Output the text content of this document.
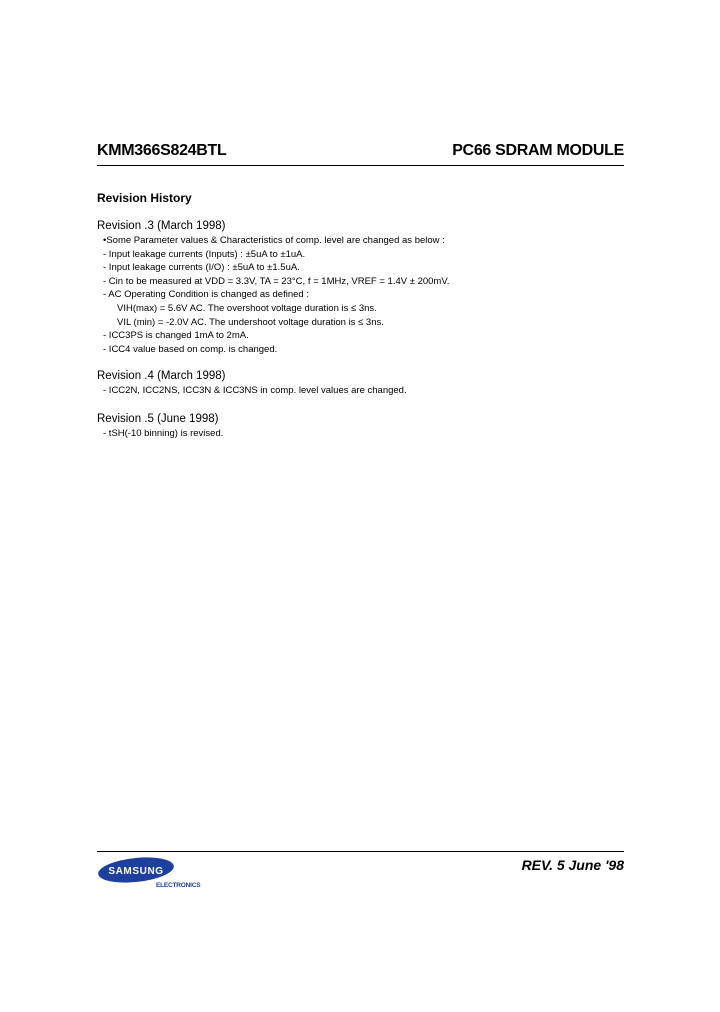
KMM366S824BTL	PC66 SDRAM MODULE
Revision History
Revision .3 (March 1998)
•Some Parameter values & Characteristics of comp. level are changed as below :
- Input leakage currents (Inputs) : ±5uA to ±1uA.
- Input leakage currents (I/O) : ±5uA to ±1.5uA.
- Cin to be measured at VDD = 3.3V, TA = 23°C, f = 1MHz, VREF = 1.4V ± 200mV.
- AC Operating Condition is changed as defined :
VIH(max) = 5.6V AC. The overshoot voltage duration is ≤ 3ns.
VIL (min) = -2.0V AC. The undershoot voltage duration is ≤ 3ns.
- ICC3PS is changed 1mA to 2mA.
- ICC4 value based on comp. is changed.
Revision .4 (March 1998)
- ICC2N, ICC2NS, ICC3N & ICC3NS in comp. level values are changed.
Revision .5 (June 1998)
- tSH(-10 binning) is revised.
SAMSUNG
ELECTRONICS
REV. 5 June '98
